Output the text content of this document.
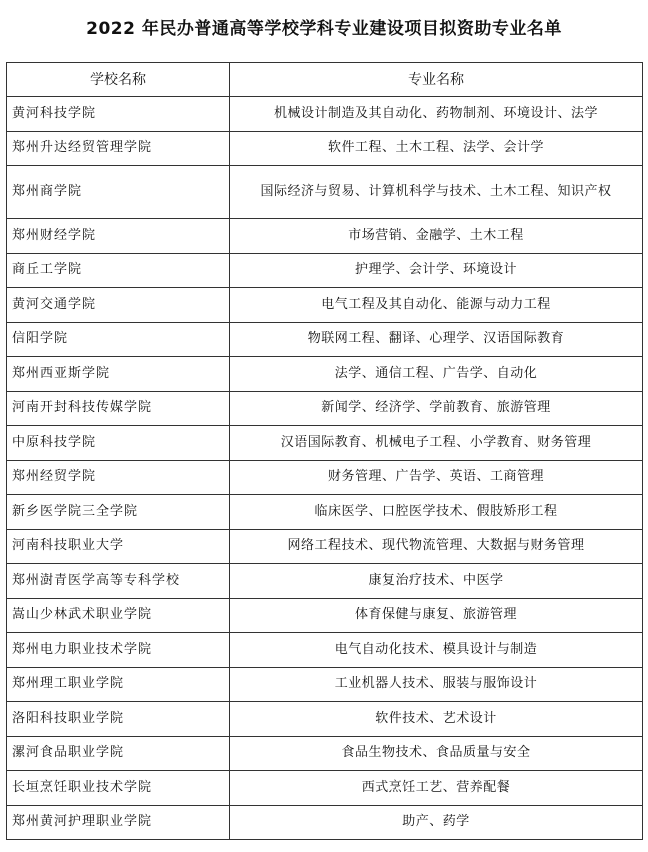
2022 年民办普通高等学校学科专业建设项目拟资助专业名单
学校名称	专业名称
黄河科技学院	机械设计制造及其自动化、药物制剂、环境设计、法学
郑州升达经贸管理学院	软件工程、土木工程、法学、会计学
郑州商学院	国际经济与贸易、计算机科学与技术、土木工程、知识产权
郑州财经学院	市场营销、金融学、土木工程
商丘工学院	护理学、会计学、环境设计
黄河交通学院	电气工程及其自动化、能源与动力工程
信阳学院	物联网工程、翻译、心理学、汉语国际教育
郑州西亚斯学院	法学、通信工程、广告学、自动化
河南开封科技传媒学院	新闻学、经济学、学前教育、旅游管理
中原科技学院	汉语国际教育、机械电子工程、小学教育、财务管理
郑州经贸学院	财务管理、广告学、英语、工商管理
新乡医学院三全学院	临床医学、口腔医学技术、假肢矫形工程
河南科技职业大学	网络工程技术、现代物流管理、大数据与财务管理
郑州澍青医学高等专科学校	康复治疗技术、中医学
嵩山少林武术职业学院	体育保健与康复、旅游管理
郑州电力职业技术学院	电气自动化技术、模具设计与制造
郑州理工职业学院	工业机器人技术、服装与服饰设计
洛阳科技职业学院	软件技术、艺术设计
漯河食品职业学院	食品生物技术、食品质量与安全
长垣烹饪职业技术学院	西式烹饪工艺、营养配餐
郑州黄河护理职业学院	助产、药学
